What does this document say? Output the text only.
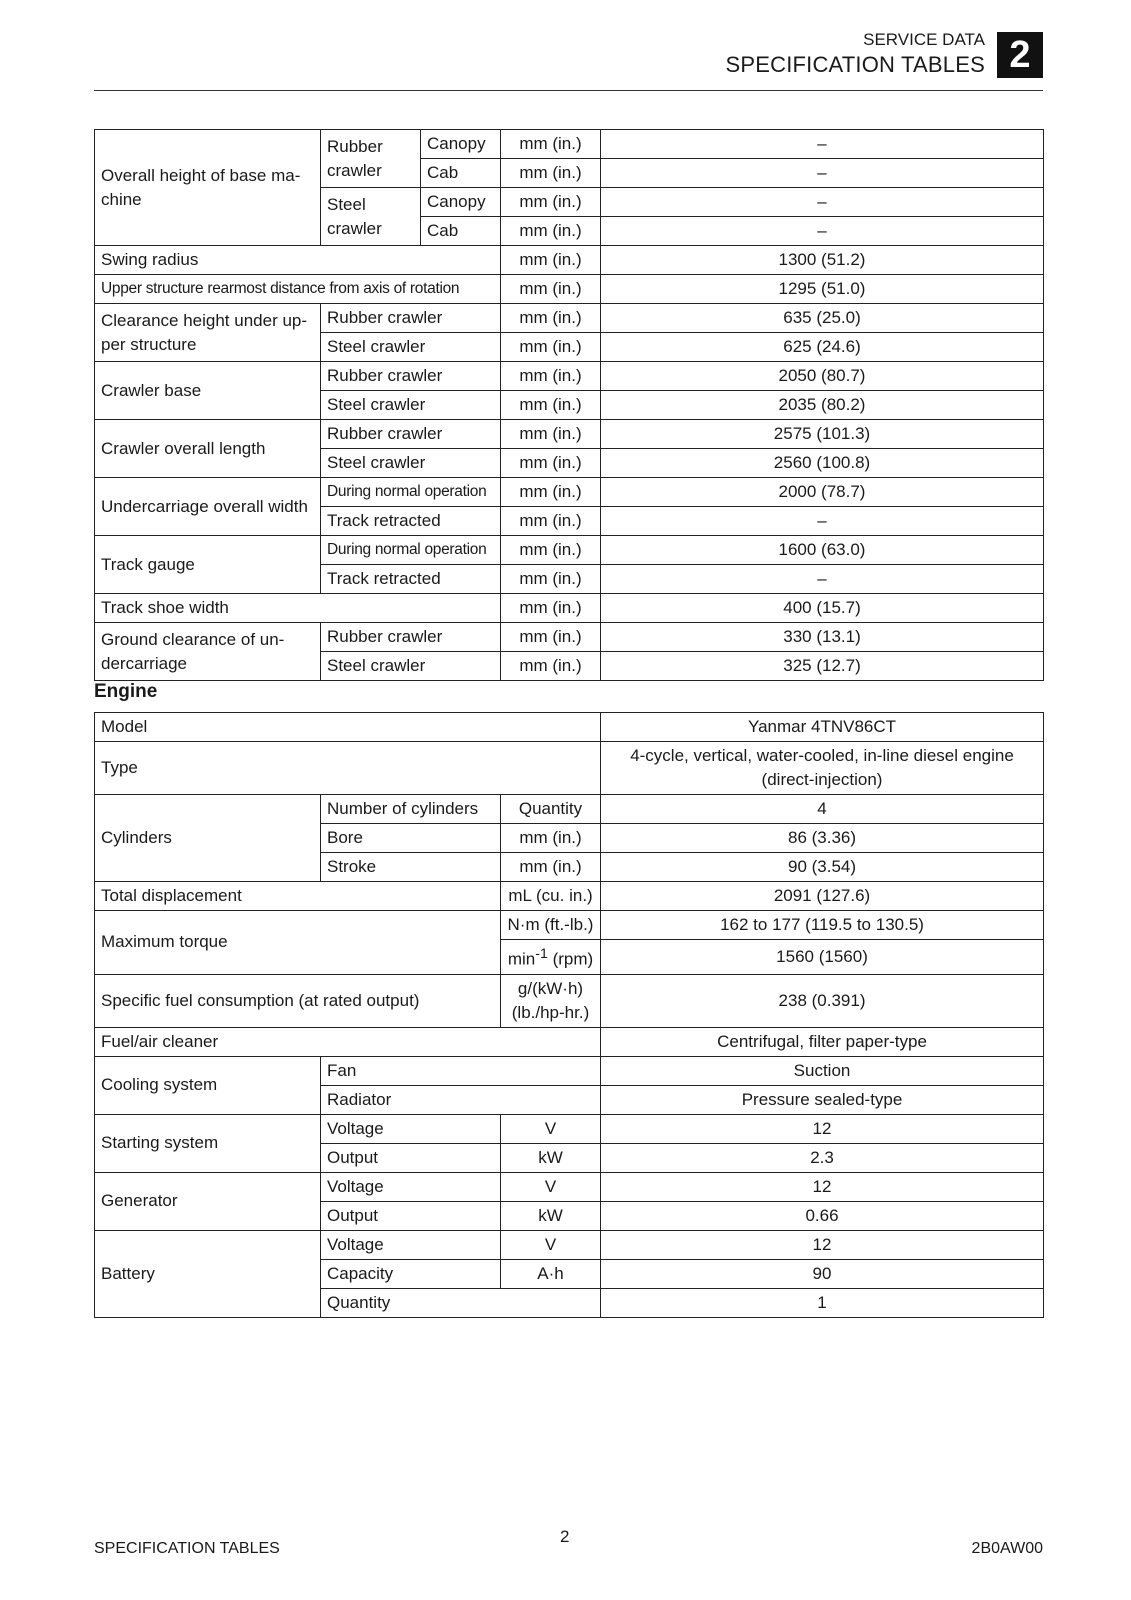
SERVICE DATA
SPECIFICATION TABLES 2
Overall height of base ma-chine	Rubber crawler	Canopy	mm (in.)	–
		Cab	mm (in.)	–
	Steel crawler	Canopy	mm (in.)	–
		Cab	mm (in.)	–
Swing radius			mm (in.)	1300 (51.2)
Upper structure rearmost distance from axis of rotation			mm (in.)	1295 (51.0)
Clearance height under up-per structure	Rubber crawler		mm (in.)	635 (25.0)
	Steel crawler		mm (in.)	625 (24.6)
Crawler base	Rubber crawler		mm (in.)	2050 (80.7)
	Steel crawler		mm (in.)	2035 (80.2)
Crawler overall length	Rubber crawler		mm (in.)	2575 (101.3)
	Steel crawler		mm (in.)	2560 (100.8)
Undercarriage overall width	During normal operation		mm (in.)	2000 (78.7)
	Track retracted		mm (in.)	–
Track gauge	During normal operation		mm (in.)	1600 (63.0)
	Track retracted		mm (in.)	–
Track shoe width			mm (in.)	400 (15.7)
Ground clearance of un-dercarriage	Rubber crawler		mm (in.)	330 (13.1)
	Steel crawler		mm (in.)	325 (12.7)
Engine
Model			Yanmar 4TNV86CT
Type			4-cycle, vertical, water-cooled, in-line diesel engine (direct-injection)
Cylinders	Number of cylinders	Quantity	4
	Bore	mm (in.)	86 (3.36)
	Stroke	mm (in.)	90 (3.54)
Total displacement		mL (cu. in.)	2091 (127.6)
Maximum torque		N·m (ft.-lb.)	162 to 177 (119.5 to 130.5)
		$\min^{-1} (rpm)$	1560 (1560)
Specific fuel consumption (at rated output)		g/(kW·h) (lb./hp-hr.)	238 (0.391)
Fuel/air cleaner			Centrifugal, filter paper-type
Cooling system	Fan		Suction
	Radiator		Pressure sealed-type
Starting system	Voltage	V	12
	Output	kW	2.3
Generator	Voltage	V	12
	Output	kW	0.66
Battery	Voltage	V	12
	Capacity	A·h	90
	Quantity		1
SPECIFICATION TABLES
2
2B0AW00
